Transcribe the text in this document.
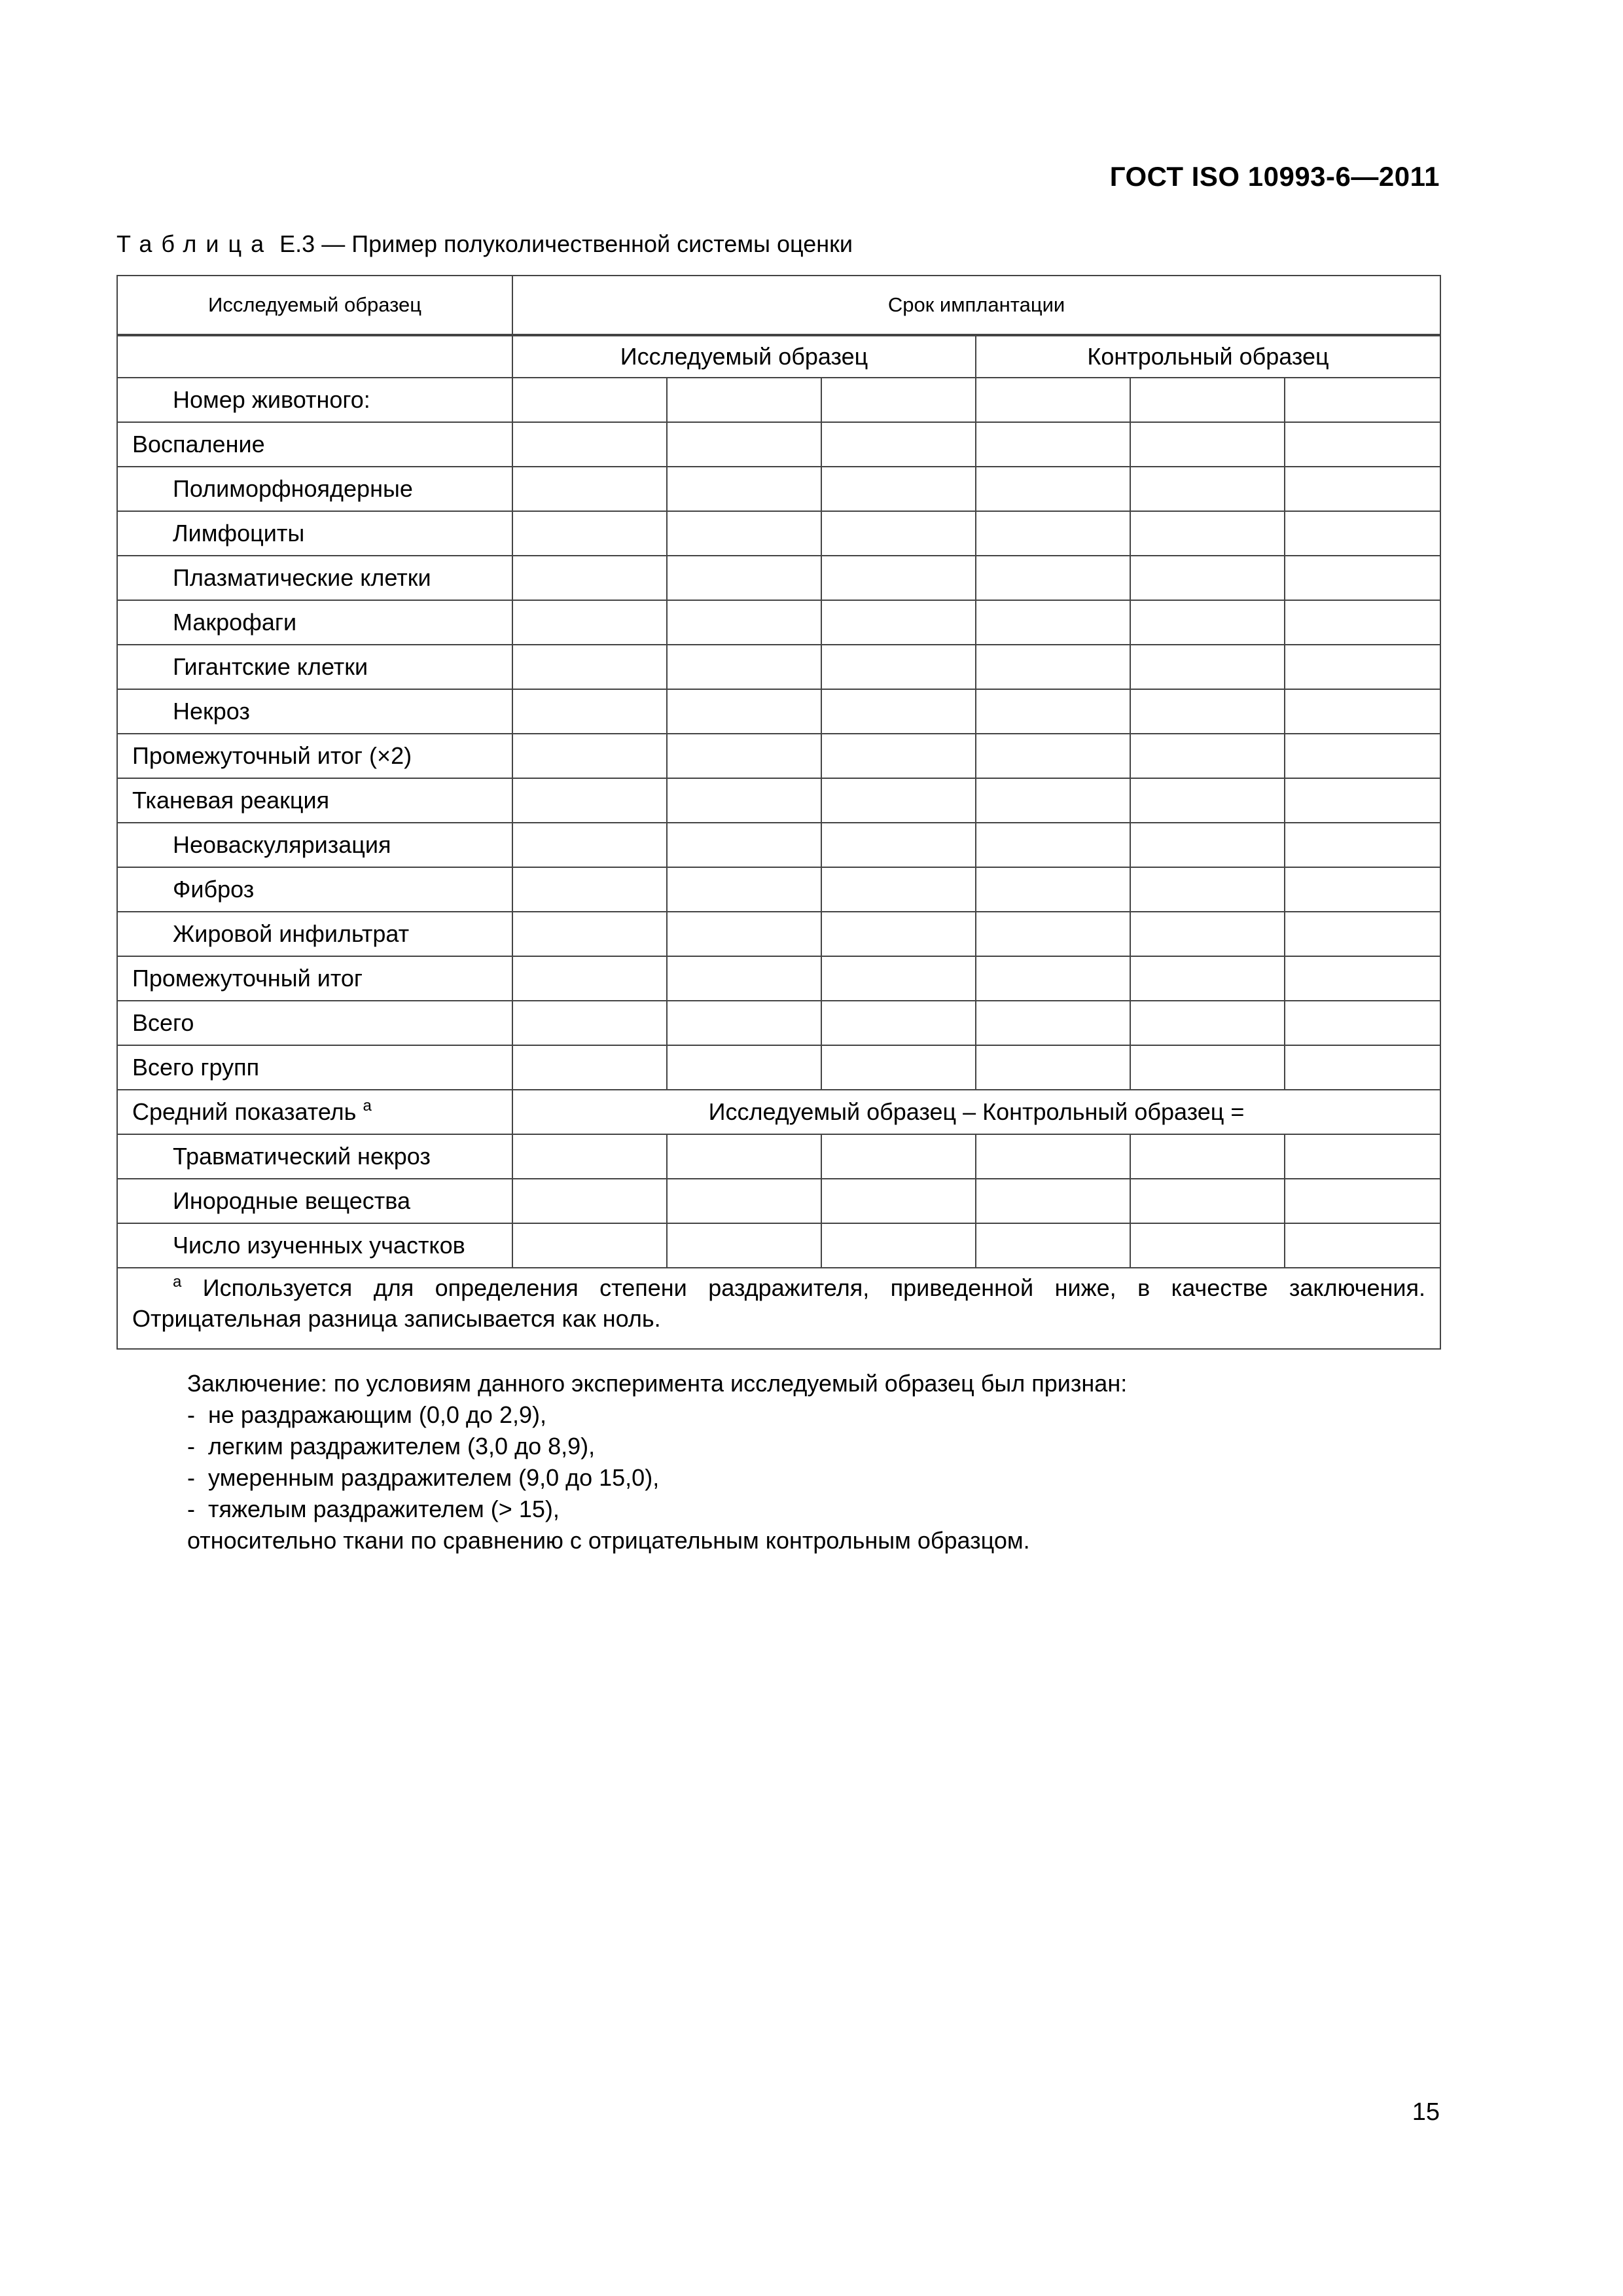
ГОСТ ISO 10993-6—2011
Таблица Е.3 — Пример полуколичественной системы оценки
Исследуемый образец	Срок имплантации					
	Исследуемый образец			Контрольный образец		
Номер животного:						
Воспаление						
Полиморфноядерные						
Лимфоциты						
Плазматические клетки						
Макрофаги						
Гигантские клетки						
Некроз						
Промежуточный итог (×2)						
Тканевая реакция						
Неоваскуляризация						
Фиброз						
Жировой инфильтрат						
Промежуточный итог						
Всего						
Всего групп						
Средний показатель $^а$	Исследуемый образец – Контрольный образец =					
Травматический некроз						
Инородные вещества						
Число изученных участков						
$^а$ Используется для определения степени раздражителя, приведенной ниже, в качестве заключения. Отрицательная разница записывается как ноль.						
Заключение: по условиям данного эксперимента исследуемый образец был признан:
-  не раздражающим (0,0 до 2,9),
-  легким раздражителем (3,0 до 8,9),
-  умеренным раздражителем (9,0 до 15,0),
-  тяжелым раздражителем (> 15),
относительно ткани по сравнению с отрицательным контрольным образцом.
15
